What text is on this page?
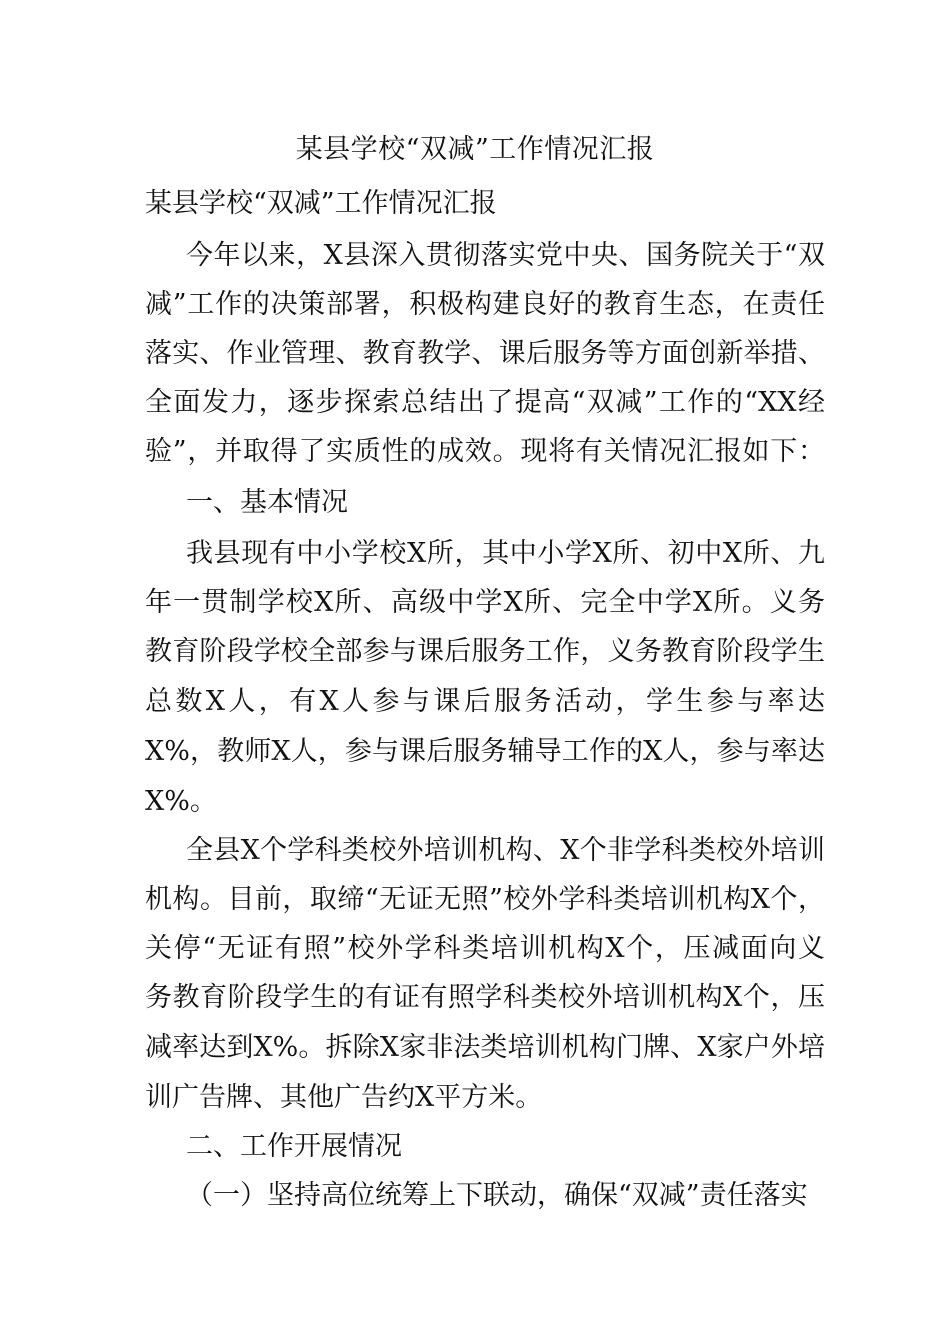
某县学校“双减”工作情况汇报
某县学校“双减”工作情况汇报
今年以来，X县深入贯彻落实党中央、国务院关于“双
减”工作的决策部署，积极构建良好的教育生态，在责任
落实、作业管理、教育教学、课后服务等方面创新举措、
全面发力，逐步探索总结出了提高“双减”工作的“XX经
验”，并取得了实质性的成效。现将有关情况汇报如下：
一、基本情况
我县现有中小学校X所，其中小学X所、初中X所、九
年一贯制学校X所、高级中学X所、完全中学X所。义务
教育阶段学校全部参与课后服务工作，义务教育阶段学生
总数X人，有X人参与课后服务活动，学生参与率达
X%，教师X人，参与课后服务辅导工作的X人，参与率达
X%。
全县X个学科类校外培训机构、X个非学科类校外培训
机构。目前，取缔“无证无照”校外学科类培训机构X个，
关停“无证有照”校外学科类培训机构X个，压减面向义
务教育阶段学生的有证有照学科类校外培训机构X个，压
减率达到X%。拆除X家非法类培训机构门牌、X家户外培
训广告牌、其他广告约X平方米。
二、工作开展情况
（一）坚持高位统筹上下联动，确保“双减”责任落实
